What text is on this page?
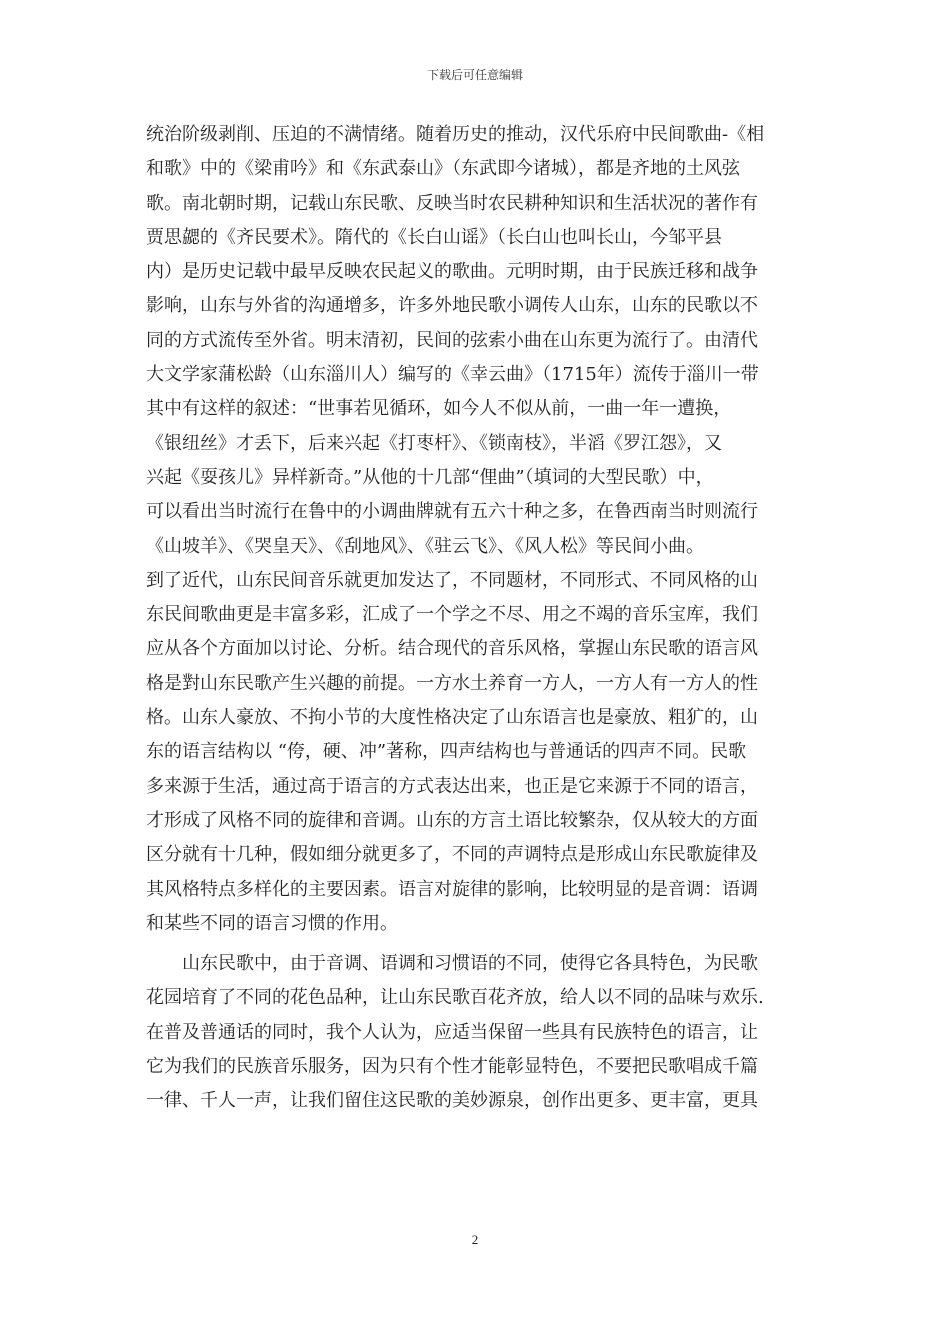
下载后可任意编辑
统治阶级剥削、压迫的不满情绪。随着历史的推动，汉代乐府中民间歌曲-《相
和歌》中的《梁甫吟》和《东武泰山》（东武即今诸城），都是齐地的土风弦
歌。南北朝时期，记载山东民歌、反映当时农民耕种知识和生活状况的著作有
贾思勰的《齐民要术》。隋代的《长白山谣》（长白山也叫长山，今邹平县
内）是历史记载中最早反映农民起义的歌曲。元明时期，由于民族迁移和战争
影响，山东与外省的沟通增多，许多外地民歌小调传人山东，山东的民歌以不
同的方式流传至外省。明末清初，民间的弦索小曲在山东更为流行了。由清代
大文学家蒲松龄（山东淄川人）编写的《幸云曲》（1715年）流传于淄川一带
其中有这样的叙述：“世事若见循环，如今人不似从前，一曲一年一遭换，
《银纽丝》才丢下，后来兴起《打枣杆》、《锁南枝》，半滔《罗江怨》，又
兴起《耍孩儿》异样新奇。”从他的十几部“俚曲”（填词的大型民歌）中，
可以看出当时流行在鲁中的小调曲牌就有五六十种之多，在鲁西南当时则流行
《山坡羊》、《哭皇天》、《刮地风》、《驻云飞》、《风人松》等民间小曲。
到了近代，山东民间音乐就更加发达了，不同题材，不同形式、不同风格的山
东民间歌曲更是丰富多彩，汇成了一个学之不尽、用之不竭的音乐宝库，我们
应从各个方面加以讨论、分析。结合现代的音乐风格，掌握山东民歌的语言风
格是對山东民歌产生兴趣的前提。一方水土养育一方人，一方人有一方人的性
格。山东人豪放、不拘小节的大度性格决定了山东语言也是豪放、粗犷的，山
东的语言结构以 “侉，硬、冲”著称，四声结构也与普通话的四声不同。民歌
多来源于生活，通过高于语言的方式表达出来，也正是它来源于不同的语言，
才形成了风格不同的旋律和音调。山东的方言土语比较繁杂，仅从较大的方面
区分就有十几种，假如细分就更多了，不同的声调特点是形成山东民歌旋律及
其风格特点多样化的主要因素。语言对旋律的影响，比较明显的是音调：语调
和某些不同的语言习惯的作用。
山东民歌中，由于音调、语调和习惯语的不同，使得它各具特色，为民歌
花园培育了不同的花色品种，让山东民歌百花齐放，给人以不同的品味与欢乐.
在普及普通话的同时，我个人认为，应适当保留一些具有民族特色的语言，让
它为我们的民族音乐服务，因为只有个性才能彰显特色，不要把民歌唱成千篇
一律、千人一声，让我们留住这民歌的美妙源泉，创作出更多、更丰富，更具
2
